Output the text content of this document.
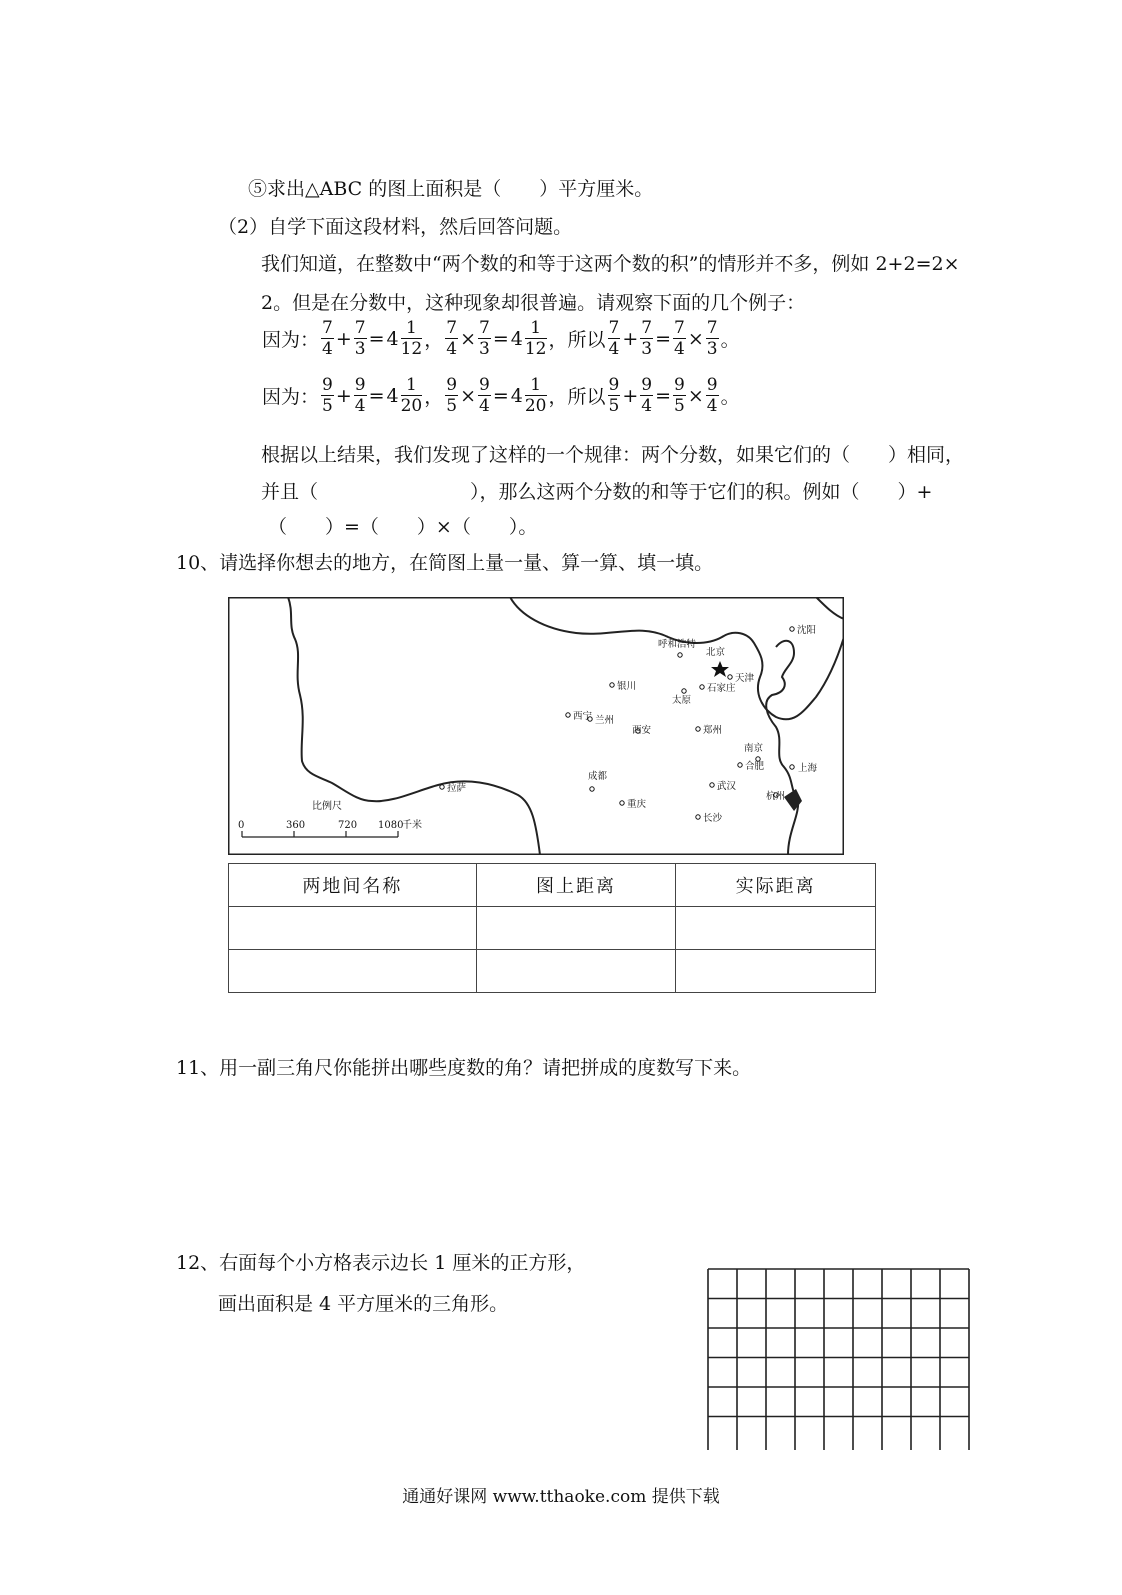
⑤求出△ABC 的图上面积是（　　）平方厘米。
（2）自学下面这段材料，然后回答问题。
我们知道，在整数中“两个数的和等于这两个数的积”的情形并不多，例如 2+2=2×
2。但是在分数中，这种现象却很普遍。请观察下面的几个例子：
因为： $\frac{7}{4} + \frac{7}{3} = 4 \frac{1}{12}$ ， $\frac{7}{4} \times \frac{7}{3} = 4 \frac{1}{12}$ ，所以 $\frac{7}{4} + \frac{7}{3} = \frac{7}{4} \times \frac{7}{3}$ 。
因为： $\frac{9}{5} + \frac{9}{4} = 4 \frac{1}{20}$ ， $\frac{9}{5} \times \frac{9}{4} = 4 \frac{1}{20}$ ，所以 $\frac{9}{5} + \frac{9}{4} = \frac{9}{5} \times \frac{9}{4}$ 。
根据以上结果，我们发现了这样的一个规律：两个分数，如果它们的（　　）相同，
并且（　　　　　　　　），那么这两个分数的和等于它们的积。例如（　　）+
（　　）=（　　）×（　　）。
10、请选择你想去的地方，在简图上量一量、算一算、填一填。
沈阳
呼和浩特
北京
天津
银川	石家庄
太原
西宁 兰州
西安	郑州
南京
合肥	上海
拉萨
成都
武汉
杭州
重庆
长沙
比例尺
0	360	720 1080
千米
两地间名称	图上距离	实际距离

11、用一副三角尺你能拼出哪些度数的角？请把拼成的度数写下来。
12、右面每个小方格表示边长 1 厘米的正方形，
画出面积是 4 平方厘米的三角形。
通通好课网 www.tthaoke.com 提供下载
